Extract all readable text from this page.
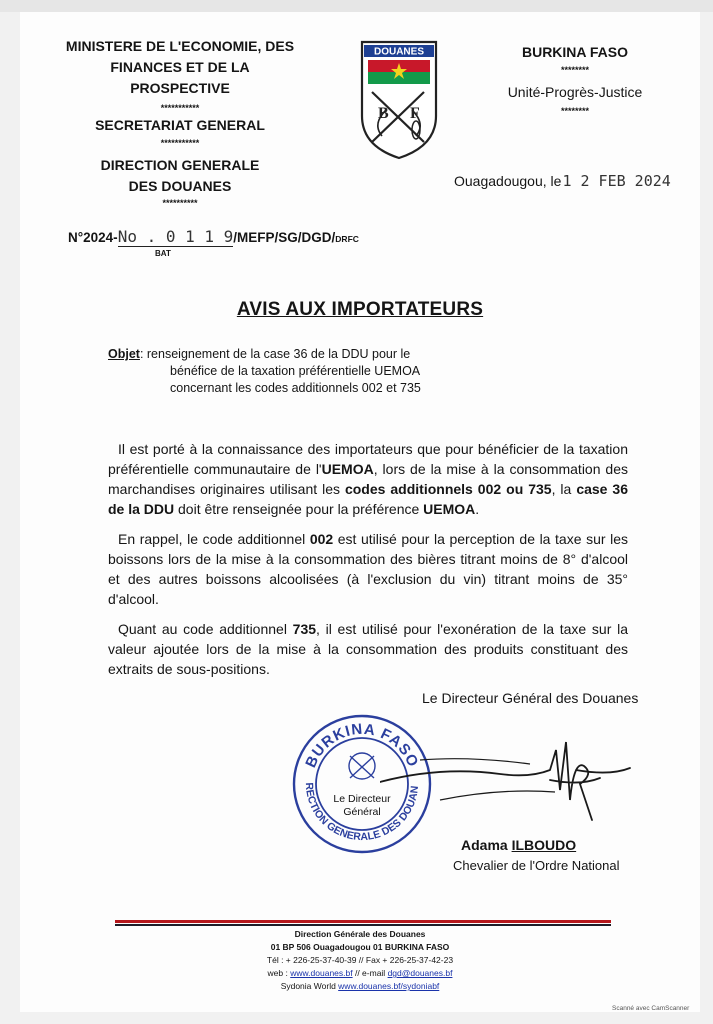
MINISTERE DE L'ECONOMIE, DES
FINANCES ET DE LA PROSPECTIVE
***********
SECRETARIAT GENERAL
***********
DIRECTION GENERALE
DES DOUANES
**********
DOUANES
B F
BURKINA FASO
********
Unité-Progrès-Justice
********
Ouagadougou, le1 2 FEB 2024
N°2024-No . 0 1 1 9/MEFP/SG/DGD/DRFC
BAT
AVIS AUX IMPORTATEURS
Objet: renseignement de la case 36 de la DDU pour le
bénéfice de la taxation préférentielle UEMOA
concernant les codes additionnels 002 et 735

Il est porté à la connaissance des importateurs que pour bénéficier de la taxation préférentielle communautaire de l'UEMOA, lors de la mise à la consommation des marchandises originaires utilisant les codes additionnels 002 ou 735, la case 36 de la DDU doit être renseignée pour la préférence UEMOA.

En rappel, le code additionnel 002 est utilisé pour la perception de la taxe sur les boissons lors de la mise à la consommation des bières titrant moins de 8° d'alcool et des autres boissons alcoolisées (à l'exclusion du vin) titrant moins de 35° d'alcool.

Quant au code additionnel 735, il est utilisé pour l'exonération de la taxe sur la valeur ajoutée lors de la mise à la consommation des produits constituant des extraits de sous-positions.

Le Directeur Général des Douanes
BURKINA FASO
RECTION GENERALE DES DOUAN
Le Directeur
Général
Adama ILBOUDO
Chevalier de l'Ordre National
Direction Générale des Douanes
01 BP 506 Ouagadougou 01 BURKINA FASO
Tél : + 226-25-37-40-39 // Fax + 226-25-37-42-23
web : www.douanes.bf // e-mail dgd@douanes.bf
Sydonia World www.douanes.bf/sydoniabf
Scanné avec CamScanner
